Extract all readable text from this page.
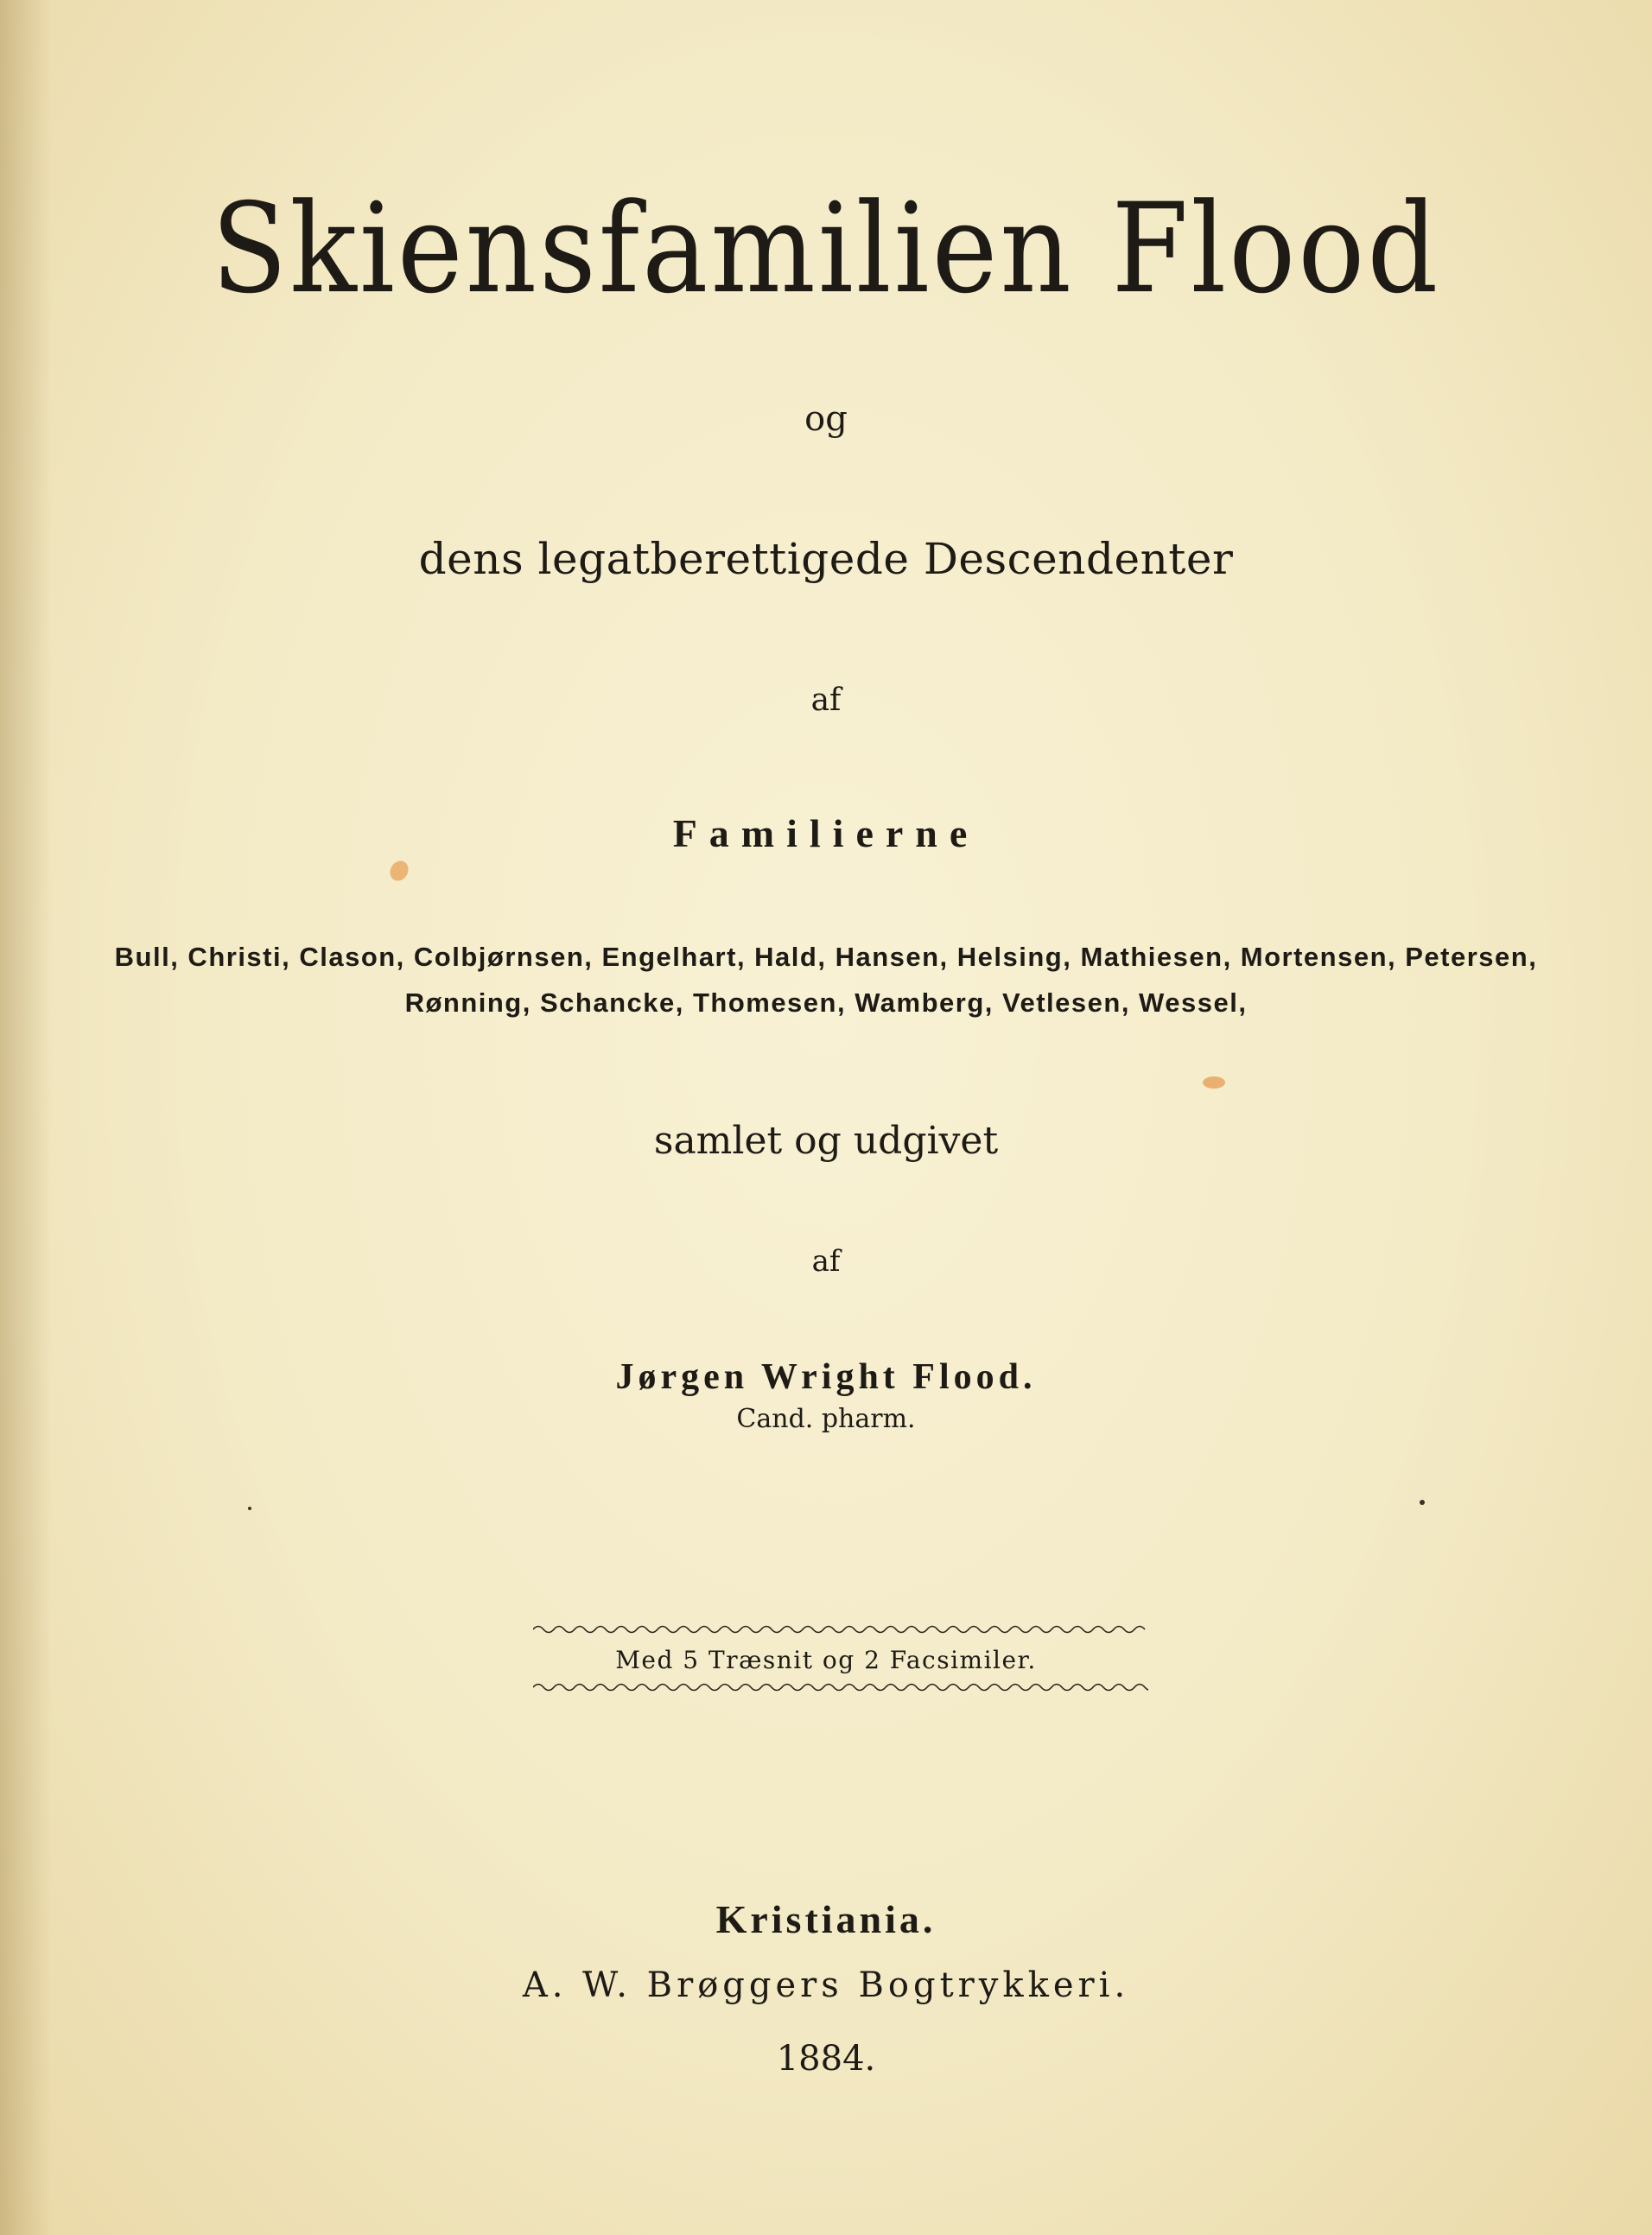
Skiensfamilien Flood
og
dens legatberettigede Descendenter
af
Familierne
Bull, Christi, Clason, Colbjørnsen, Engelhart, Hald, Hansen, Helsing, Mathiesen, Mortensen, Petersen,
Rønning, Schancke, Thomesen, Wamberg, Vetlesen, Wessel,
samlet og udgivet
af
Jørgen Wright Flood.
Cand. pharm.
Med 5 Træsnit og 2 Facsimiler.
Kristiania.
A. W. Brøggers Bogtrykkeri.
1884.
